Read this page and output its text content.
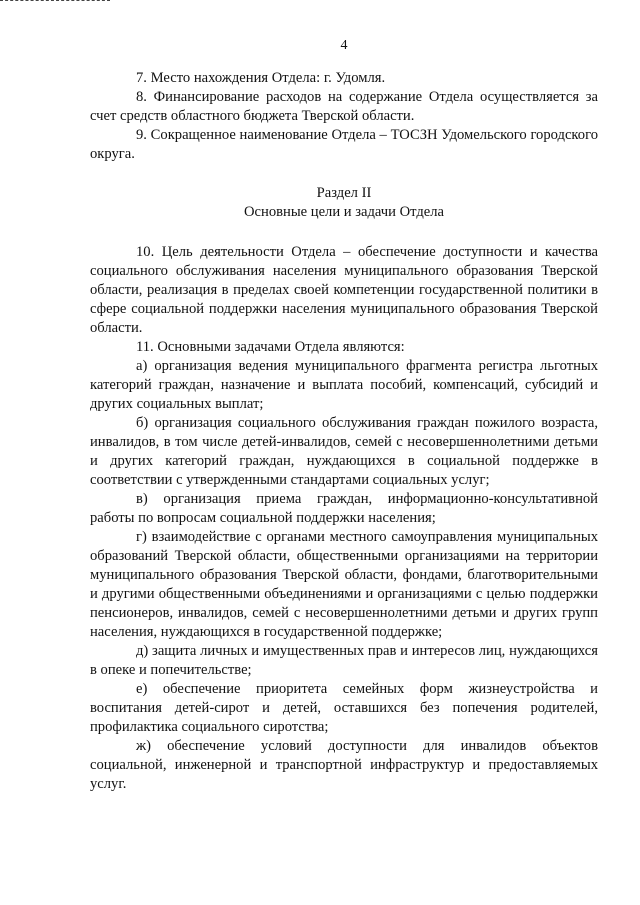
4

7. Место нахождения Отдела: г. Удомля.

8. Финансирование расходов на содержание Отдела осуществляется за счет средств областного бюджета Тверской области.

9. Сокращенное наименование Отдела – ТОСЗН Удомельского городского округа.

Раздел II

Основные цели и задачи Отдела

10. Цель деятельности Отдела – обеспечение доступности и качества социального обслуживания населения муниципального образования Тверской области, реализация в пределах своей компетенции государственной политики в сфере социальной поддержки населения муниципального образования Тверской области.

11. Основными задачами Отдела являются:

а) организация ведения муниципального фрагмента регистра льготных категорий граждан, назначение и выплата пособий, компенсаций, субсидий и других социальных выплат;

б) организация социального обслуживания граждан пожилого возраста, инвалидов, в том числе детей-инвалидов, семей с несовершеннолетними детьми и других категорий граждан, нуждающихся в социальной поддержке в соответствии с утвержденными стандартами социальных услуг;

в) организация приема граждан, информационно-консультативной работы по вопросам социальной поддержки населения;

г) взаимодействие с органами местного самоуправления муниципальных образований Тверской области, общественными организациями на территории муниципального образования Тверской области, фондами, благотворительными и другими общественными объединениями и организациями с целью поддержки пенсионеров, инвалидов, семей с несовершеннолетними детьми и других групп населения, нуждающихся в государственной поддержке;

д) защита личных и имущественных прав и интересов лиц, нуждающихся в опеке и попечительстве;

е) обеспечение приоритета семейных форм жизнеустройства и воспитания детей-сирот и детей, оставшихся без попечения родителей, профилактика социального сиротства;

ж) обеспечение условий доступности для инвалидов объектов социальной, инженерной и транспортной инфраструктур и предоставляемых услуг.
